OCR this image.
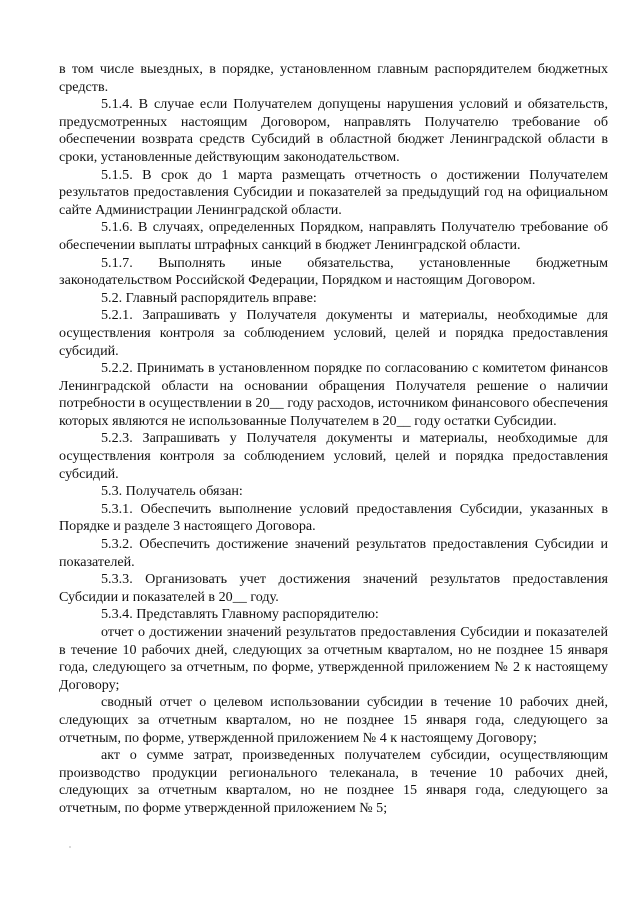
в том числе выездных, в порядке, установленном главным распорядителем бюджетных средств.

5.1.4. В случае если Получателем допущены нарушения условий и обязательств, предусмотренных настоящим Договором, направлять Получателю требование об обеспечении возврата средств Субсидий в областной бюджет Ленинградской области в сроки, установленные действующим законодательством.

5.1.5. В срок до 1 марта размещать отчетность о достижении Получателем результатов предоставления Субсидии и показателей за предыдущий год на официальном сайте Администрации Ленинградской области.

5.1.6. В случаях, определенных Порядком, направлять Получателю требование об обеспечении выплаты штрафных санкций в бюджет Ленинградской области.

5.1.7. Выполнять иные обязательства, установленные бюджетным законодательством Российской Федерации, Порядком и настоящим Договором.

5.2. Главный распорядитель вправе:

5.2.1. Запрашивать у Получателя документы и материалы, необходимые для осуществления контроля за соблюдением условий, целей и порядка предоставления субсидий.

5.2.2. Принимать в установленном порядке по согласованию с комитетом финансов Ленинградской области на основании обращения Получателя решение о наличии потребности в осуществлении в 20__ году расходов, источником финансового обеспечения которых являются не использованные Получателем в 20__ году остатки Субсидии.

5.2.3. Запрашивать у Получателя документы и материалы, необходимые для осуществления контроля за соблюдением условий, целей и порядка предоставления субсидий.

5.3. Получатель обязан:

5.3.1. Обеспечить выполнение условий предоставления Субсидии, указанных в Порядке и разделе 3 настоящего Договора.

5.3.2. Обеспечить достижение значений результатов предоставления Субсидии и показателей.

5.3.3. Организовать учет достижения значений результатов предоставления Субсидии и показателей в 20__ году.

5.3.4. Представлять Главному распорядителю:

отчет о достижении значений результатов предоставления Субсидии и показателей в течение 10 рабочих дней, следующих за отчетным кварталом, но не позднее 15 января года, следующего за отчетным, по форме, утвержденной приложением № 2 к настоящему Договору;

сводный отчет о целевом использовании субсидии в течение 10 рабочих дней, следующих за отчетным кварталом, но не позднее 15 января года, следующего за отчетным, по форме, утвержденной приложением № 4 к настоящему Договору;

акт о сумме затрат, произведенных получателем субсидии, осуществляющим производство продукции регионального телеканала, в течение 10 рабочих дней, следующих за отчетным кварталом, но не позднее 15 января года, следующего за отчетным, по форме утвержденной приложением № 5;
